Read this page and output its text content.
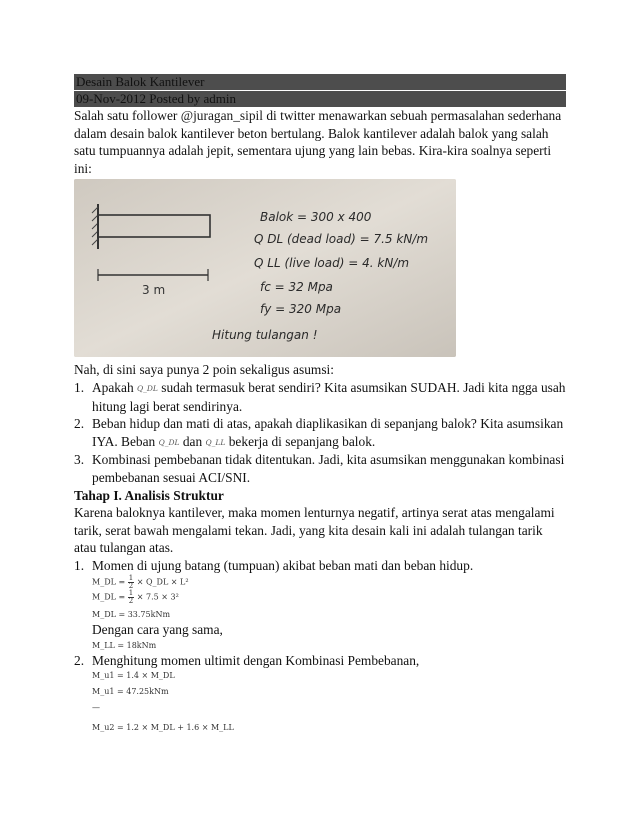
Desain Balok Kantilever
09-Nov-2012 Posted by admin

Salah satu follower @juragan_sipil di twitter menawarkan sebuah permasalahan sederhana dalam desain balok kantilever beton bertulang. Balok kantilever adalah balok yang salah satu tumpuannya adalah jepit, sementara ujung yang lain bebas. Kira-kira soalnya seperti ini:

3 m
Balok = 300 x 400
Q DL (dead load) = 7.5 kN/m
Q LL (live load) = 4. kN/m
fc = 32 Mpa
fy = 320 Mpa
Hitung tulangan !

Nah, di sini saya punya 2 poin sekaligus asumsi:

1. Apakah Q_DL sudah termasuk berat sendiri? Kita asumsikan SUDAH. Jadi kita ngga usah hitung lagi berat sendirinya.
2. Beban hidup dan mati di atas, apakah diaplikasikan di sepanjang balok? Kita asumsikan IYA. Beban Q_DL dan Q_LL bekerja di sepanjang balok.
3. Kombinasi pembebanan tidak ditentukan. Jadi, kita asumsikan menggunakan kombinasi pembebanan sesuai ACI/SNI.
Tahap I. Analisis Struktur

Karena baloknya kantilever, maka momen lenturnya negatif, artinya serat atas mengalami tarik, serat bawah mengalami tekan. Jadi, yang kita desain kali ini adalah tulangan tarik atau tulangan atas.

1. Momen di ujung batang (tumpuan) akibat beban mati dan beban hidup.
M_DL = $\frac{1}{2}$ × Q_DL × L²
M_DL = $\frac{1}{2} \times 7.5 \times 3^2$
M_DL = 33.75kNm
Dengan cara yang sama,
M_LL = 18kNm
2. Menghitung momen ultimit dengan Kombinasi Pembebanan,
M_u1 = 1.4 × M_DL
M_u1 = 47.25kNm
—
M_u2 = 1.2 × M_DL + 1.6 × M_LL
